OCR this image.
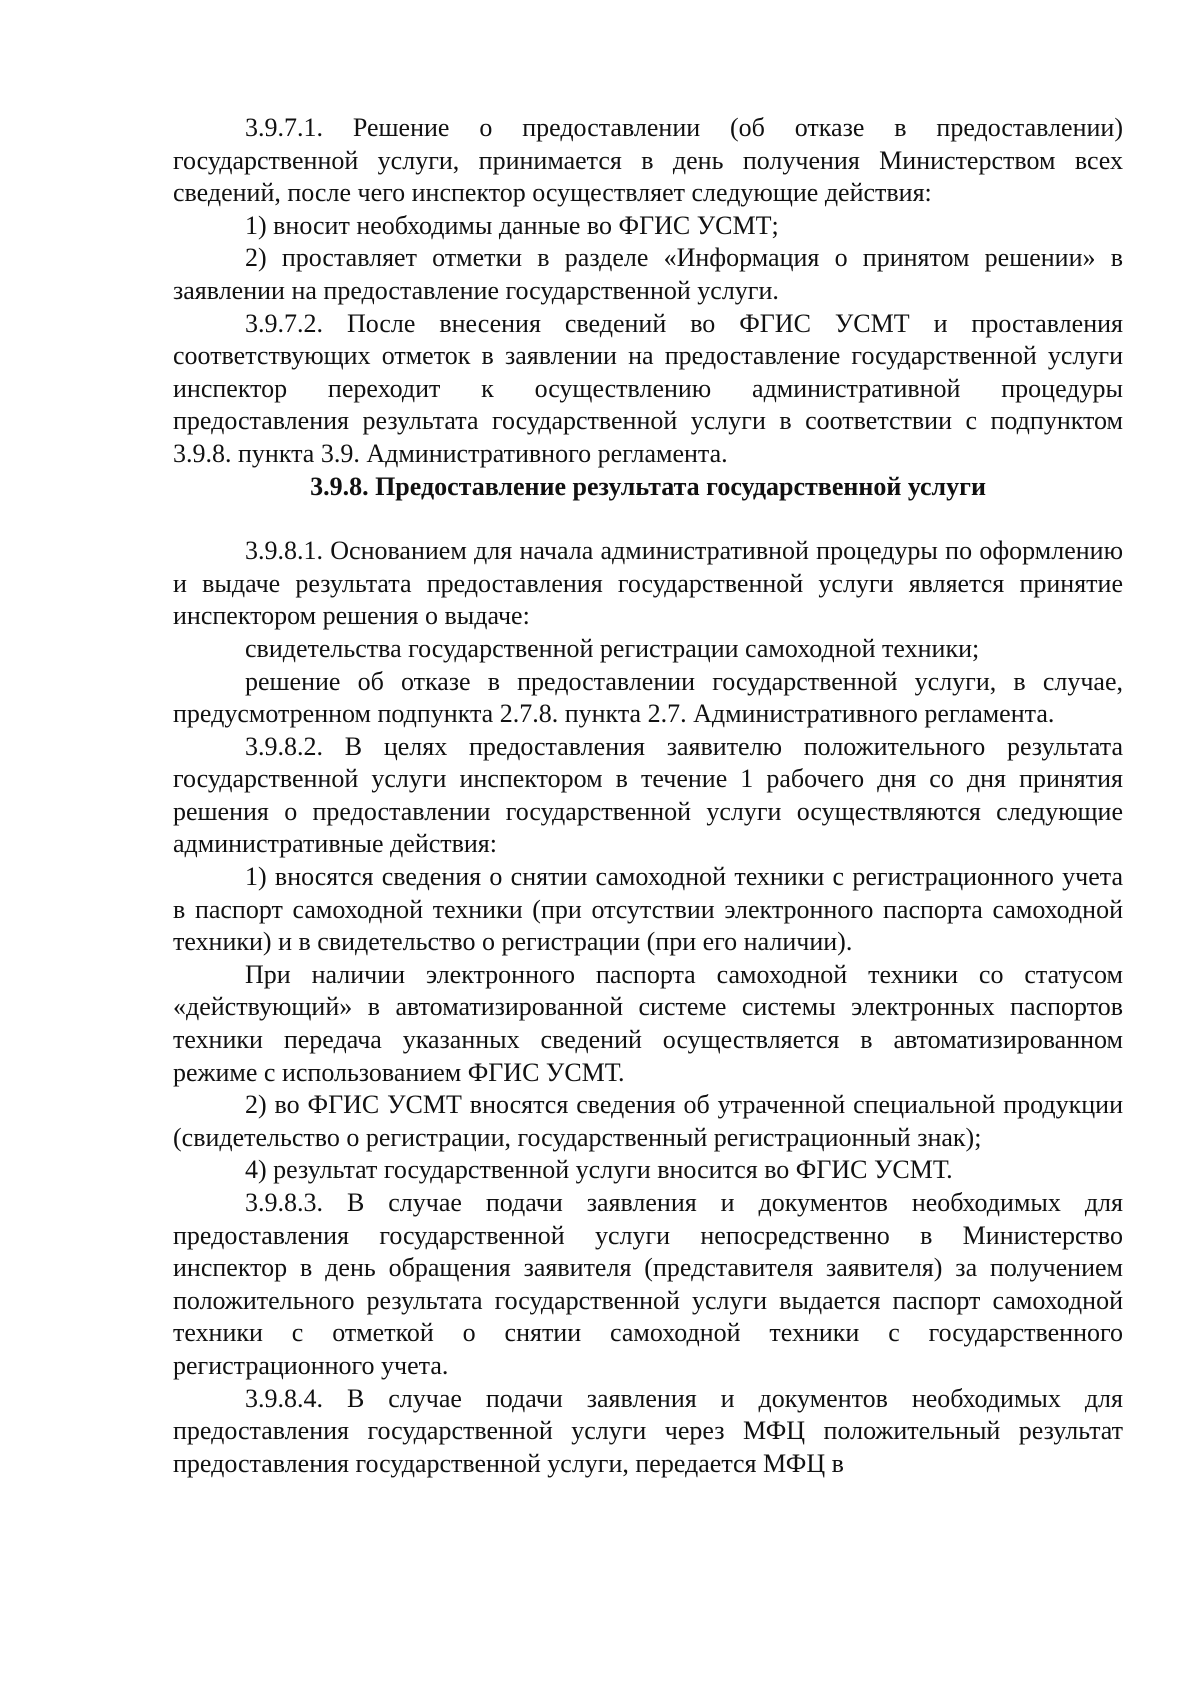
3.9.7.1. Решение о предоставлении (об отказе в предоставлении) государственной услуги, принимается в день получения Министерством всех сведений, после чего инспектор осуществляет следующие действия:

1) вносит необходимы данные во ФГИС УСМТ;

2) проставляет отметки в разделе «Информация о принятом решении» в заявлении на предоставление государственной услуги.

3.9.7.2. После внесения сведений во ФГИС УСМТ и проставления соответствующих отметок в заявлении на предоставление государственной услуги инспектор переходит к осуществлению административной процедуры предоставления результата государственной услуги в соответствии с подпунктом 3.9.8. пункта 3.9. Административного регламента.

3.9.8. Предоставление результата государственной услуги

3.9.8.1. Основанием для начала административной процедуры по оформлению и выдаче результата предоставления государственной услуги является принятие инспектором решения о выдаче:

свидетельства государственной регистрации самоходной техники;

решение об отказе в предоставлении государственной услуги, в случае, предусмотренном подпункта 2.7.8. пункта 2.7. Административного регламента.

3.9.8.2. В целях предоставления заявителю положительного результата государственной услуги инспектором в течение 1 рабочего дня со дня принятия решения о предоставлении государственной услуги осуществляются следующие административные действия:

1) вносятся сведения о снятии самоходной техники с регистрационного учета в паспорт самоходной техники (при отсутствии электронного паспорта самоходной техники) и в свидетельство о регистрации (при его наличии).

При наличии электронного паспорта самоходной техники со статусом «действующий» в автоматизированной системе системы электронных паспортов техники передача указанных сведений осуществляется в автоматизированном режиме с использованием ФГИС УСМТ.

2) во ФГИС УСМТ вносятся сведения об утраченной специальной продукции (свидетельство о регистрации, государственный регистрационный знак);

4) результат государственной услуги вносится во ФГИС УСМТ.

3.9.8.3. В случае подачи заявления и документов необходимых для предоставления государственной услуги непосредственно в Министерство инспектор в день обращения заявителя (представителя заявителя) за получением положительного результата государственной услуги выдается паспорт самоходной техники с отметкой о снятии самоходной техники с государственного регистрационного учета.

3.9.8.4. В случае подачи заявления и документов необходимых для предоставления государственной услуги через МФЦ положительный результат предоставления государственной услуги, передается МФЦ в
